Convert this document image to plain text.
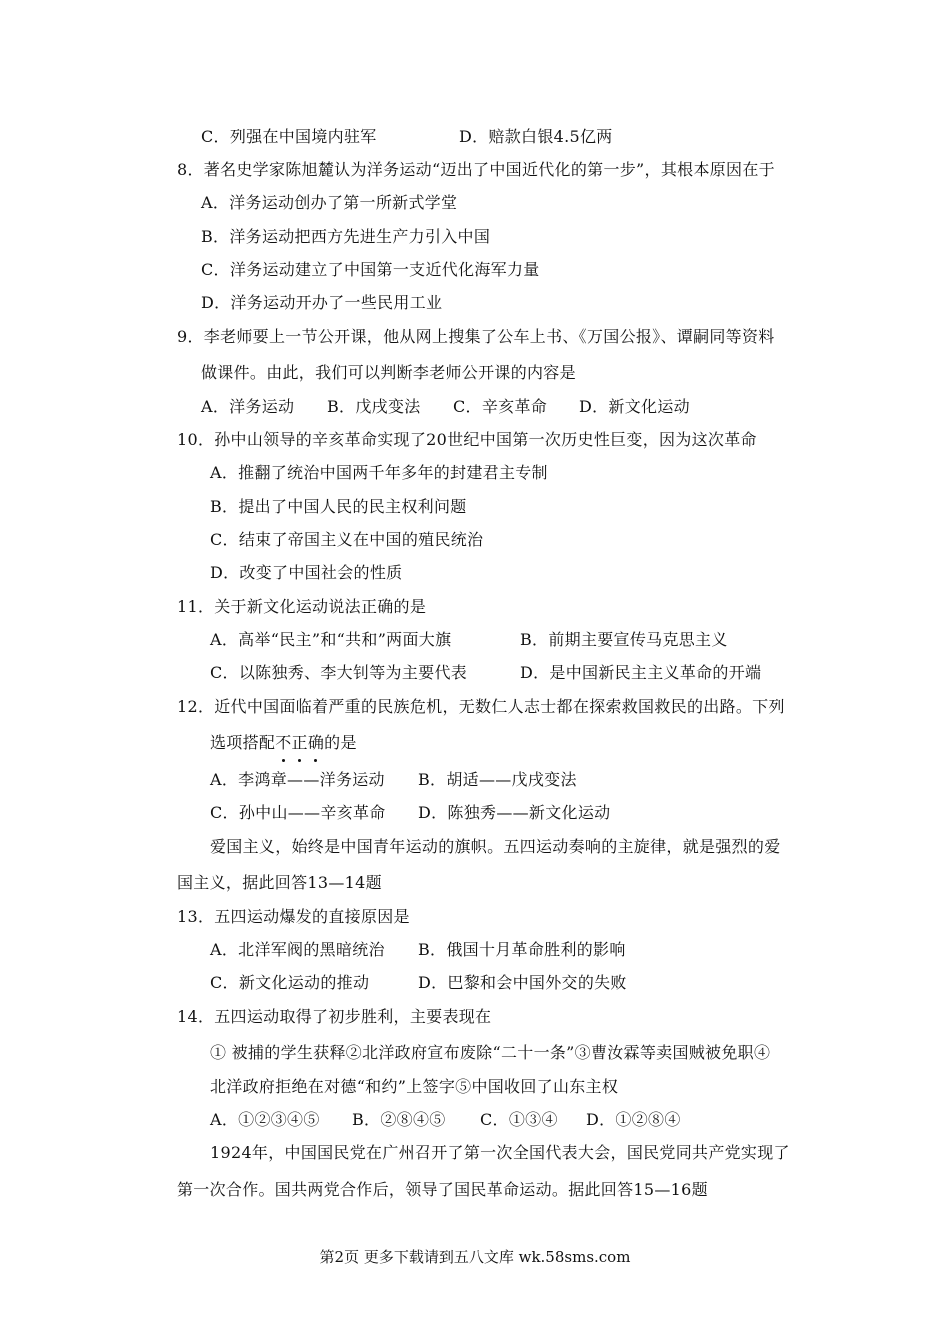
C．列强在中国境内驻军	D．赔款白银4.5亿两
8．著名史学家陈旭麓认为洋务运动“迈出了中国近代化的第一步”，其根本原因在于
A．洋务运动创办了第一所新式学堂
B．洋务运动把西方先进生产力引入中国
C．洋务运动建立了中国第一支近代化海军力量
D．洋务运动开办了一些民用工业
9．李老师要上一节公开课，他从网上搜集了公车上书、《万国公报》、谭嗣同等资料
做课件。由此，我们可以判断李老师公开课的内容是
A．洋务运动 B．戊戌变法 C．辛亥革命 D．新文化运动
10．孙中山领导的辛亥革命实现了20世纪中国第一次历史性巨变，因为这次革命
A．推翻了统治中国两千年多年的封建君主专制
B．提出了中国人民的民主权利问题
C．结束了帝国主义在中国的殖民统治
D．改变了中国社会的性质
11．关于新文化运动说法正确的是
A．高举“民主”和“共和”两面大旗	B．前期主要宣传马克思主义
C．以陈独秀、李大钊等为主要代表	D．是中国新民主主义革命的开端
12．近代中国面临着严重的民族危机，无数仁人志士都在探索救国救民的出路。下列
选项搭配不正确的是
A．李鸿章——洋务运动 B．胡适——戊戌变法
C．孙中山——辛亥革命 D．陈独秀——新文化运动
爱国主义，始终是中国青年运动的旗帜。五四运动奏响的主旋律，就是强烈的爱
国主义，据此回答13—14题
13．五四运动爆发的直接原因是
A．北洋军阀的黑暗统治 B．俄国十月革命胜利的影响
C．新文化运动的推动	D．巴黎和会中国外交的失败
14．五四运动取得了初步胜利，主要表现在
① 被捕的学生获释②北洋政府宣布废除“二十一条”③曹汝霖等卖国贼被免职④
北洋政府拒绝在对德“和约”上签字⑤中国收回了山东主权
A．①②③④⑤ B．②⑧④⑤ C．①③④ D．①②⑧④
1924年，中国国民党在广州召开了第一次全国代表大会，国民党同共产党实现了
第一次合作。国共两党合作后，领导了国民革命运动。据此回答15—16题
第2页 更多下载请到五八文库 wk.58sms.com
